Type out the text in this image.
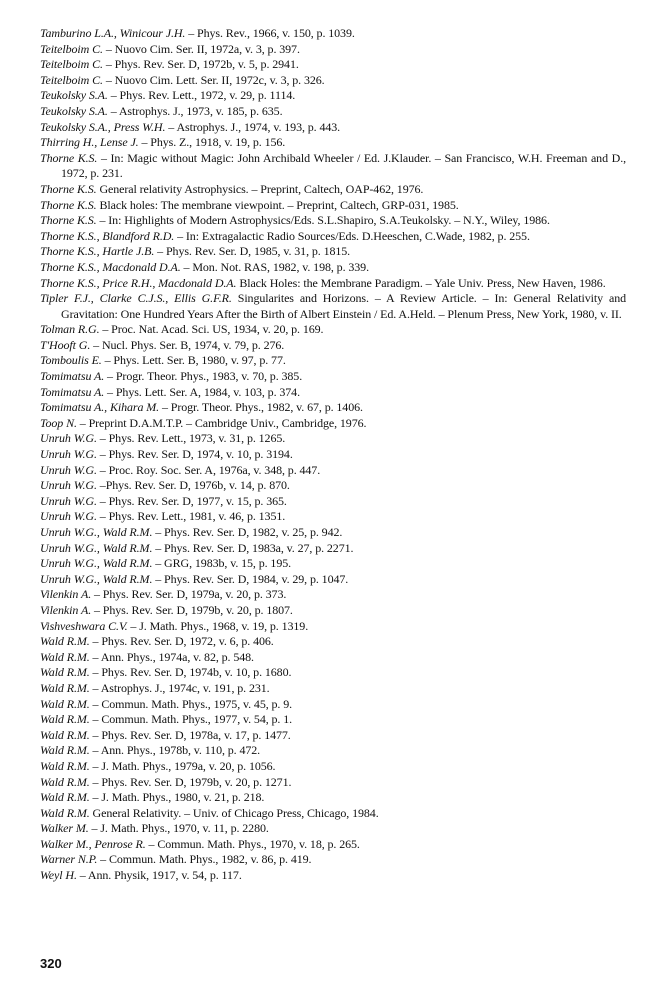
Tamburino L.A., Winicour J.H. – Phys. Rev., 1966, v. 150, p. 1039.
Teitelboim C. – Nuovo Cim. Ser. II, 1972a, v. 3, p. 397.
Teitelboim C. – Phys. Rev. Ser. D, 1972b, v. 5, p. 2941.
Teitelboim C. – Nuovo Cim. Lett. Ser. II, 1972c, v. 3, p. 326.
Teukolsky S.A. – Phys. Rev. Lett., 1972, v. 29, p. 1114.
Teukolsky S.A. – Astrophys. J., 1973, v. 185, p. 635.
Teukolsky S.A., Press W.H. – Astrophys. J., 1974, v. 193, p. 443.
Thirring H., Lense J. – Phys. Z., 1918, v. 19, p. 156.
Thorne K.S. – In: Magic without Magic: John Archibald Wheeler / Ed. J.Klauder. – San Francisco, W.H. Freeman and D., 1972, p. 231.
Thorne K.S. General relativity Astrophysics. – Preprint, Caltech, OAP-462, 1976.
Thorne K.S. Black holes: The membrane viewpoint. – Preprint, Caltech, GRP-031, 1985.
Thorne K.S. – In: Highlights of Modern Astrophysics/Eds. S.L.Shapiro, S.A.Teukolsky. – N.Y., Wiley, 1986.
Thorne K.S., Blandford R.D. – In: Extragalactic Radio Sources/Eds. D.Heeschen, C.Wade, 1982, p. 255.
Thorne K.S., Hartle J.B. – Phys. Rev. Ser. D, 1985, v. 31, p. 1815.
Thorne K.S., Macdonald D.A. – Mon. Not. RAS, 1982, v. 198, p. 339.
Thorne K.S., Price R.H., Macdonald D.A. Black Holes: the Membrane Paradigm. – Yale Univ. Press, New Haven, 1986.
Tipler F.J., Clarke C.J.S., Ellis G.F.R. Singularites and Horizons. – A Review Article. – In: General Relativity and Gravitation: One Hundred Years After the Birth of Albert Einstein / Ed. A.Held. – Plenum Press, New York, 1980, v. II.
Tolman R.G. – Proc. Nat. Acad. Sci. US, 1934, v. 20, p. 169.
T'Hooft G. – Nucl. Phys. Ser. B, 1974, v. 79, p. 276.
Tomboulis E. – Phys. Lett. Ser. B, 1980, v. 97, p. 77.
Tomimatsu A. – Progr. Theor. Phys., 1983, v. 70, p. 385.
Tomimatsu A. – Phys. Lett. Ser. A, 1984, v. 103, p. 374.
Tomimatsu A., Kihara M. – Progr. Theor. Phys., 1982, v. 67, p. 1406.
Toop N. – Preprint D.A.M.T.P. – Cambridge Univ., Cambridge, 1976.
Unruh W.G. – Phys. Rev. Lett., 1973, v. 31, p. 1265.
Unruh W.G. – Phys. Rev. Ser. D, 1974, v. 10, p. 3194.
Unruh W.G. – Proc. Roy. Soc. Ser. A, 1976a, v. 348, p. 447.
Unruh W.G. –Phys. Rev. Ser. D, 1976b, v. 14, p. 870.
Unruh W.G. – Phys. Rev. Ser. D, 1977, v. 15, p. 365.
Unruh W.G. – Phys. Rev. Lett., 1981, v. 46, p. 1351.
Unruh W.G., Wald R.M. – Phys. Rev. Ser. D, 1982, v. 25, p. 942.
Unruh W.G., Wald R.M. – Phys. Rev. Ser. D, 1983a, v. 27, p. 2271.
Unruh W.G., Wald R.M. – GRG, 1983b, v. 15, p. 195.
Unruh W.G., Wald R.M. – Phys. Rev. Ser. D, 1984, v. 29, p. 1047.
Vilenkin A. – Phys. Rev. Ser. D, 1979a, v. 20, p. 373.
Vilenkin A. – Phys. Rev. Ser. D, 1979b, v. 20, p. 1807.
Vishveshwara C.V. – J. Math. Phys., 1968, v. 19, p. 1319.
Wald R.M. – Phys. Rev. Ser. D, 1972, v. 6, p. 406.
Wald R.M. – Ann. Phys., 1974a, v. 82, p. 548.
Wald R.M. – Phys. Rev. Ser. D, 1974b, v. 10, p. 1680.
Wald R.M. – Astrophys. J., 1974c, v. 191, p. 231.
Wald R.M. – Commun. Math. Phys., 1975, v. 45, p. 9.
Wald R.M. – Commun. Math. Phys., 1977, v. 54, p. 1.
Wald R.M. – Phys. Rev. Ser. D, 1978a, v. 17, p. 1477.
Wald R.M. – Ann. Phys., 1978b, v. 110, p. 472.
Wald R.M. – J. Math. Phys., 1979a, v. 20, p. 1056.
Wald R.M. – Phys. Rev. Ser. D, 1979b, v. 20, p. 1271.
Wald R.M. – J. Math. Phys., 1980, v. 21, p. 218.
Wald R.M. General Relativity. – Univ. of Chicago Press, Chicago, 1984.
Walker M. – J. Math. Phys., 1970, v. 11, p. 2280.
Walker M., Penrose R. – Commun. Math. Phys., 1970, v. 18, p. 265.
Warner N.P. – Commun. Math. Phys., 1982, v. 86, p. 419.
Weyl H. – Ann. Physik, 1917, v. 54, p. 117.
320
